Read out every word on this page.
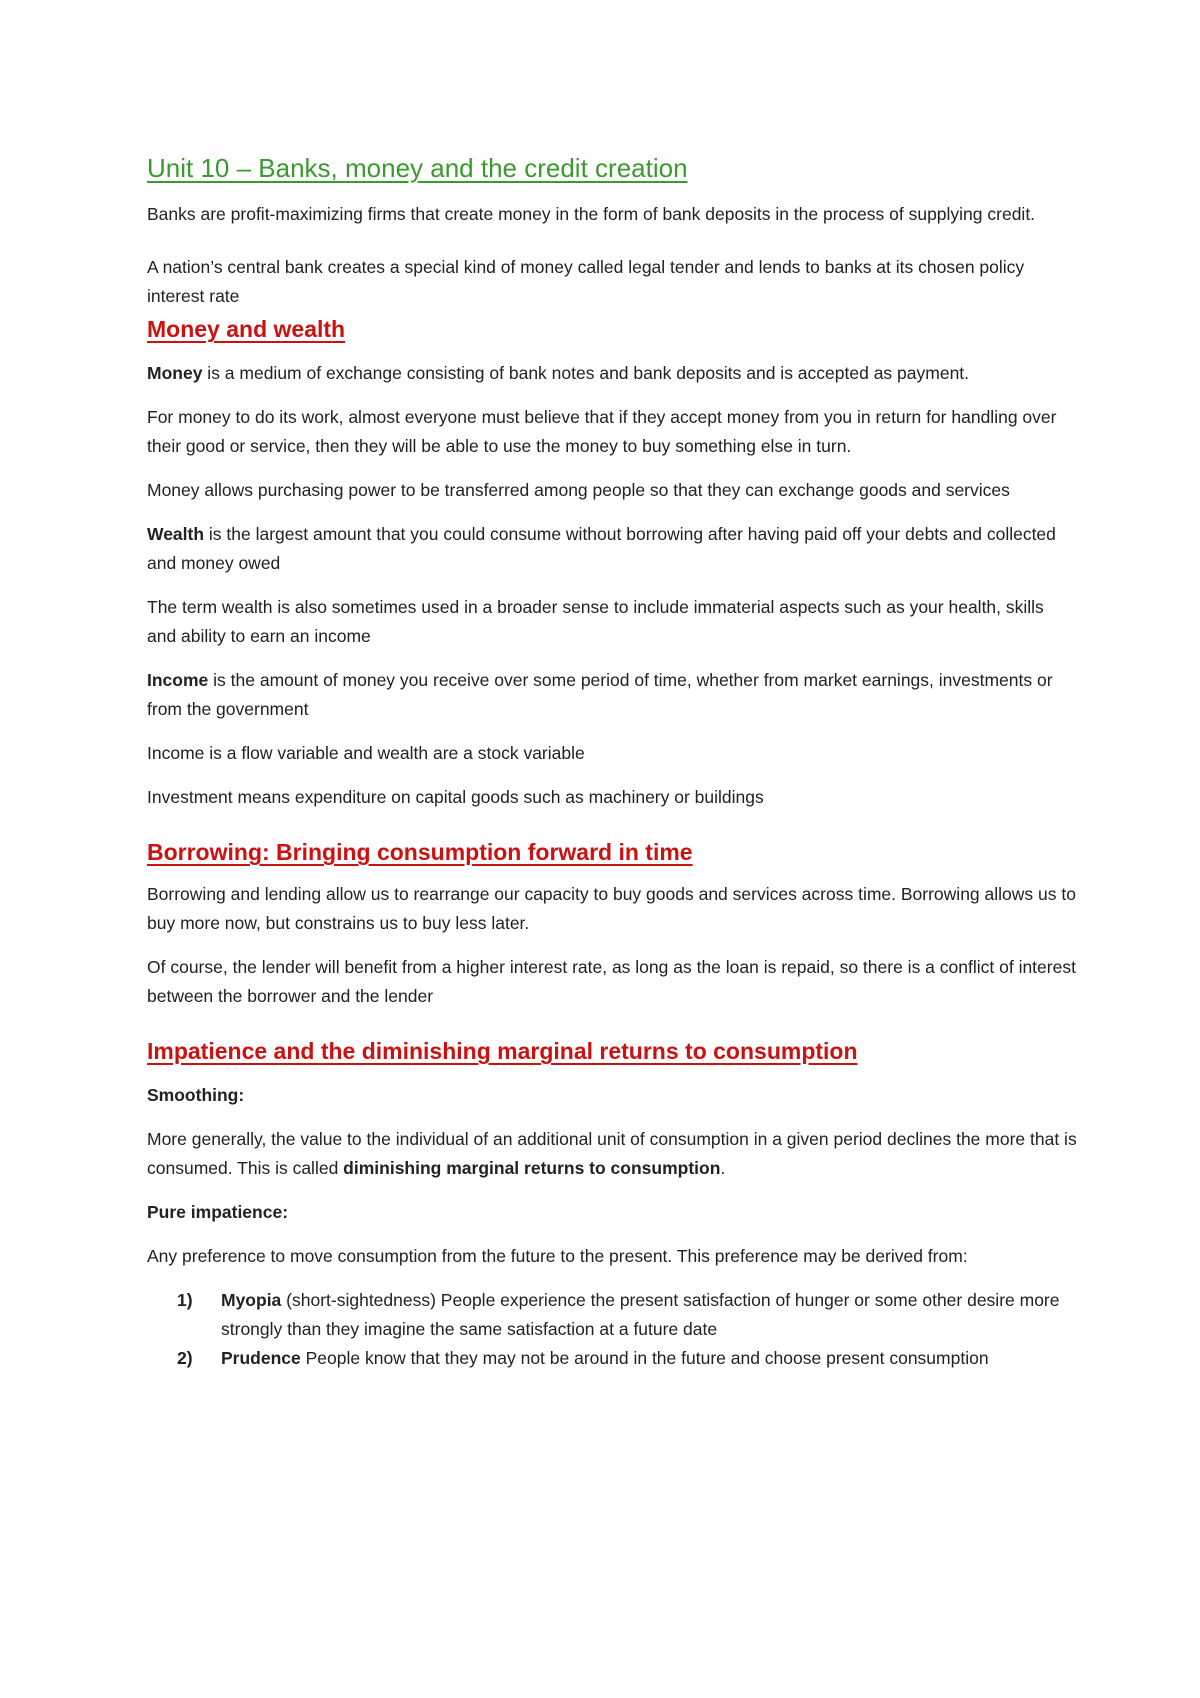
Unit 10 – Banks, money and the credit creation

Banks are profit-maximizing firms that create money in the form of bank deposits in the process of supplying credit.

A nation’s central bank creates a special kind of money called legal tender and lends to banks at its chosen policy interest rate

Money and wealth

Money is a medium of exchange consisting of bank notes and bank deposits and is accepted as payment.

For money to do its work, almost everyone must believe that if they accept money from you in return for handling over their good or service, then they will be able to use the money to buy something else in turn.

Money allows purchasing power to be transferred among people so that they can exchange goods and services

Wealth is the largest amount that you could consume without borrowing after having paid off your debts and collected and money owed

The term wealth is also sometimes used in a broader sense to include immaterial aspects such as your health, skills and ability to earn an income

Income is the amount of money you receive over some period of time, whether from market earnings, investments or from the government

Income is a flow variable and wealth are a stock variable

Investment means expenditure on capital goods such as machinery or buildings

Borrowing: Bringing consumption forward in time

Borrowing and lending allow us to rearrange our capacity to buy goods and services across time. Borrowing allows us to buy more now, but constrains us to buy less later.

Of course, the lender will benefit from a higher interest rate, as long as the loan is repaid, so there is a conflict of interest between the borrower and the lender

Impatience and the diminishing marginal returns to consumption

Smoothing:

More generally, the value to the individual of an additional unit of consumption in a given period declines the more that is consumed. This is called diminishing marginal returns to consumption.

Pure impatience:

Any preference to move consumption from the future to the present. This preference may be derived from:

1) Myopia (short-sightedness) People experience the present satisfaction of hunger or some other desire more strongly than they imagine the same satisfaction at a future date
2) Prudence People know that they may not be around in the future and choose present consumption
